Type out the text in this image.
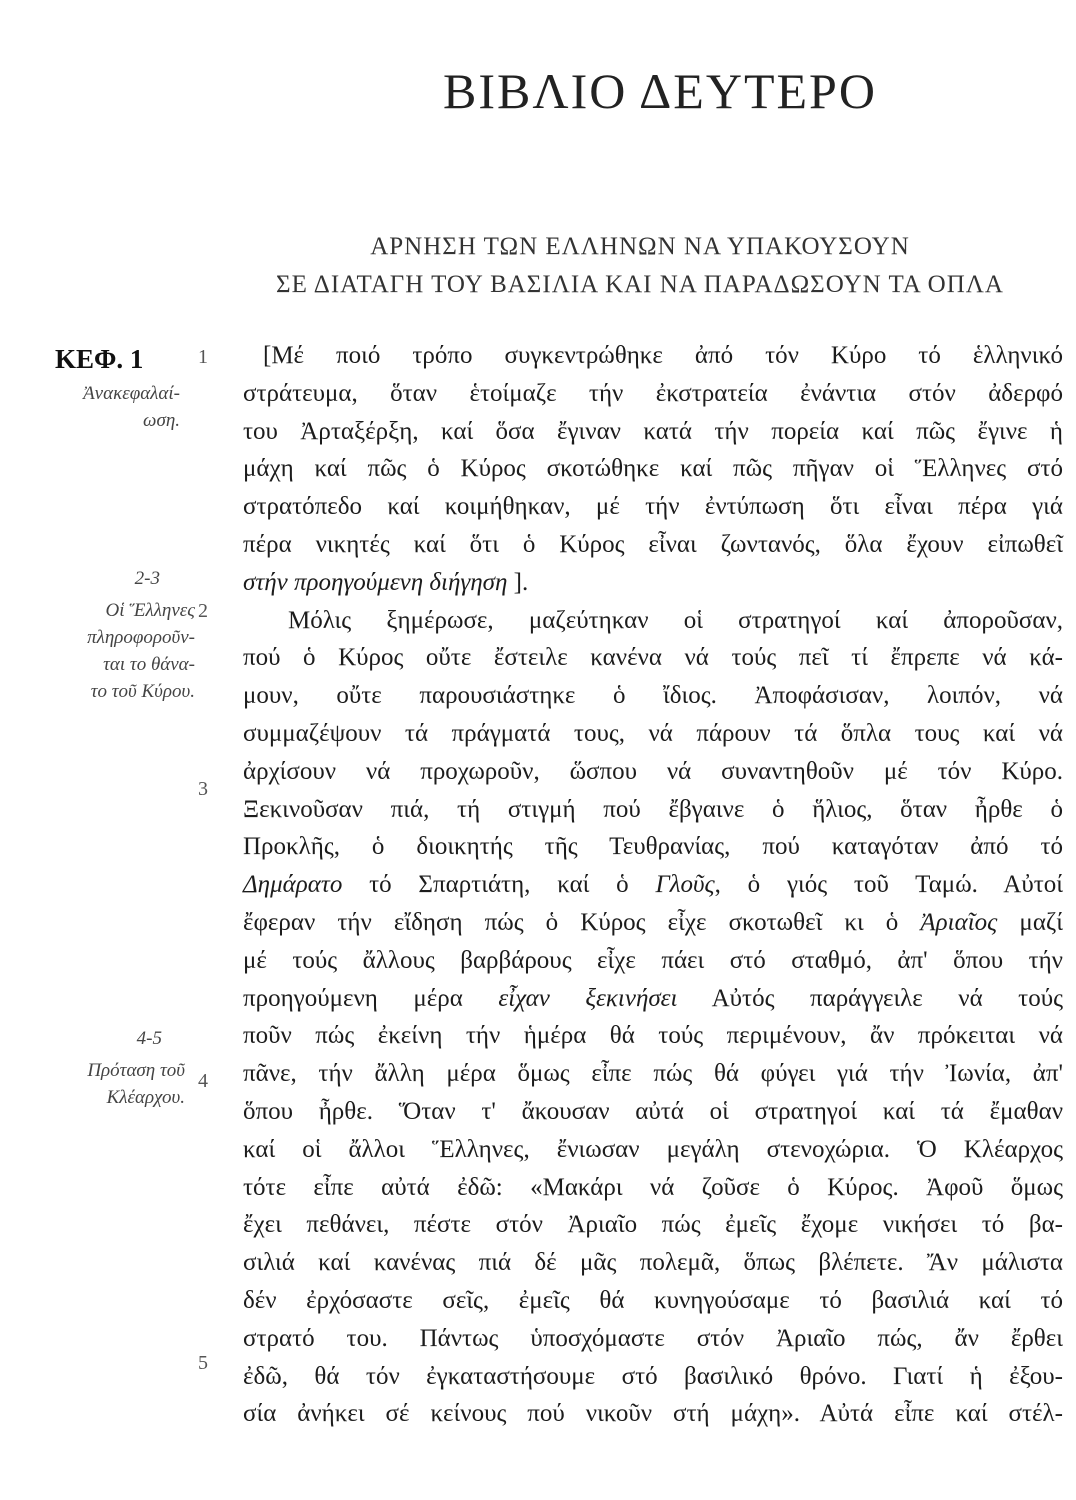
ΒΙΒΛΙΟ ΔΕΥΤΕΡΟ
ΑΡΝΗΣΗ ΤΩΝ ΕΛΛΗΝΩΝ ΝΑ ΥΠΑΚΟΥΣΟΥΝ
ΣΕ ΔΙΑΤΑΓΗ ΤΟΥ ΒΑΣΙΛΙΑ ΚΑΙ ΝΑ ΠΑΡΑΔΩΣΟΥΝ ΤΑ ΟΠΛΑ
ΚΕΦ. 1
Ἀνακεφαλαί-
ωση.
2-3
Οἱ Ἕλληνες
πληροφοροῦν-
ται το θάνα-
το τοῦ Κύρου.
4-5
Πρόταση τοῦ
Κλέαρχου.
1
2
3
4
5
[Μέ ποιό τρόπο συγκεντρώθηκε ἀπό τόν Κύρο τό ἑλληνικό
στράτευμα, ὅταν ἑτοίμαζε τήν ἐκστρατεία ἐνάντια στόν ἀδερφό
του Ἀρταξέρξη, καί ὅσα ἔγιναν κατά τήν πορεία καί πῶς ἔγινε ἡ
μάχη καί πῶς ὁ Κύρος σκοτώθηκε καί πῶς πῆγαν οἱ Ἕλληνες στό
στρατόπεδο καί κοιμήθηκαν, μέ τήν ἐντύπωση ὅτι εἶναι πέρα γιά
πέρα νικητές καί ὅτι ὁ Κύρος εἶναι ζωντανός, ὅλα ἔχουν εἰπωθεῖ
στήν προηγούμενη διήγηση ].
Μόλις ξημέρωσε, μαζεύτηκαν οἱ στρατηγοί καί ἀποροῦσαν,
πού ὁ Κύρος οὔτε ἔστειλε κανένα νά τούς πεῖ τί ἔπρεπε νά κά-
μουν, οὔτε παρουσιάστηκε ὁ ἴδιος. Ἀποφάσισαν, λοιπόν, νά
συμμαζέψουν τά πράγματά τους, νά πάρουν τά ὅπλα τους καί νά
ἀρχίσουν νά προχωροῦν, ὥσπου νά συναντηθοῦν μέ τόν Κύρο.
Ξεκινοῦσαν πιά, τή στιγμή πού ἔβγαινε ὁ ἥλιος, ὅταν ἦρθε ὁ
Προκλῆς, ὁ διοικητής τῆς Τευθρανίας, πού καταγόταν ἀπό τό
Δημάρατο τό Σπαρτιάτη, καί ὁ Γλοῦς, ὁ γιός τοῦ Ταμώ. Αὐτοί
ἔφεραν τήν εἴδηση πώς ὁ Κύρος εἶχε σκοτωθεῖ κι ὁ Ἀριαῖος μαζί
μέ τούς ἄλλους βαρβάρους εἶχε πάει στό σταθμό, ἀπ' ὅπου τήν
προηγούμενη μέρα εἶχαν ξεκινήσει Αὐτός παράγγειλε νά τούς
ποῦν πώς ἐκείνη τήν ἡμέρα θά τούς περιμένουν, ἄν πρόκειται νά
πᾶνε, τήν ἄλλη μέρα ὅμως εἶπε πώς θά φύγει γιά τήν Ἰωνία, ἀπ'
ὅπου ἦρθε. Ὅταν τ' ἄκουσαν αὐτά οἱ στρατηγοί καί τά ἔμαθαν
καί οἱ ἄλλοι Ἕλληνες, ἔνιωσαν μεγάλη στενοχώρια. Ὁ Κλέαρχος
τότε εἶπε αὐτά ἐδῶ: «Μακάρι νά ζοῦσε ὁ Κύρος. Ἀφοῦ ὅμως
ἔχει πεθάνει, πέστε στόν Ἀριαῖο πώς ἐμεῖς ἔχομε νικήσει τό βα-
σιλιά καί κανένας πιά δέ μᾶς πολεμᾶ, ὅπως βλέπετε. Ἄν μάλιστα
δέν ἐρχόσαστε σεῖς, ἐμεῖς θά κυνηγούσαμε τό βασιλιά καί τό
στρατό του. Πάντως ὑπoσχόμαστε στόν Ἀριαῖο πώς, ἄν ἔρθει
ἐδῶ, θά τόν ἐγκαταστήσουμε στό βασιλικό θρόνο. Γιατί ἡ ἐξου-
σία ἀνήκει σέ κείνους πού νικοῦν στή μάχη». Αὐτά εἶπε καί στέλ-
